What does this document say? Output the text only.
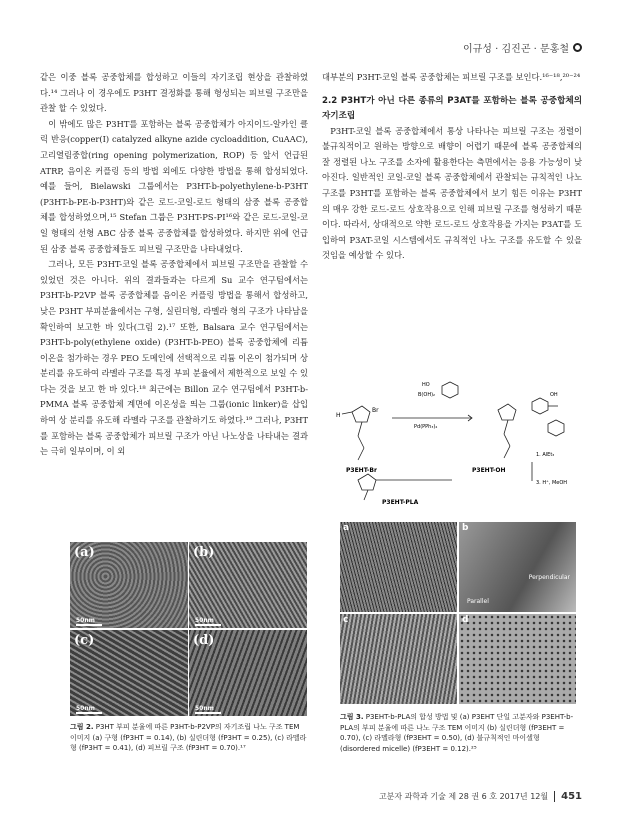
이규성 · 김진곤 · 문홍철

같은 이중 블록 공중합체를 합성하고 이들의 자기조립 현상을 관찰하였다.¹⁴ 그러나 이 경우에도 P3HT 결정화를 통해 형성되는 피브릴 구조만을 관찰 할 수 있었다.

이 밖에도 많은 P3HT를 포함하는 블록 공중합체가 아지이드-알카인 클릭 반응(copper(I) catalyzed alkyne azide cycloaddition, CuAAC), 고리열림중합(ring opening polymerization, ROP) 등 앞서 언급된 ATRP, 음이온 커플링 등의 방법 외에도 다양한 방법을 통해 합성되었다. 예를 들어, Bielawski 그룹에서는 P3HT-b-polyethylene-b-P3HT (P3HT-b-PE-b-P3HT)와 같은 로드-코일-로드 형태의 삼중 블록 공중합체를 합성하였으며,¹⁵ Stefan 그룹은 P3HT-PS-PI¹⁶와 같은 로드-코일-코일 형태의 선형 ABC 삼중 블록 공중합체를 합성하였다. 하지만 위에 언급된 삼중 블록 공중합체들도 피브릴 구조만을 나타내었다.

그러나, 모든 P3HT-코일 블록 공중합체에서 피브릴 구조만을 관찰할 수 있었던 것은 아니다. 위의 결과들과는 다르게 Su 교수 연구팀에서는 P3HT-b-P2VP 블록 공중합체를 음이온 커플링 방법을 통해서 합성하고, 낮은 P3HT 부피분율에서는 구형, 실린더형, 라멜라 형의 구조가 나타남을 확인하여 보고한 바 있다(그림 2).¹⁷ 또한, Balsara 교수 연구팀에서는 P3HT-b-poly(ethylene oxide) (P3HT-b-PEO) 블록 공중합체에 리튬 이온을 첨가하는 경우 PEO 도메인에 선택적으로 리튬 이온이 첨가되며 상분리를 유도하여 라멜라 구조를 특정 부피 분율에서 제한적으로 보일 수 있다는 것을 보고 한 바 있다.¹⁸ 최근에는 Billon 교수 연구팀에서 P3HT-b-PMMA 블록 공중합체 계면에 이온성을 띄는 그룹(ionic linker)을 삽입하여 상 분리를 유도해 라멜라 구조를 관찰하기도 하였다.¹⁹ 그러나, P3HT를 포함하는 블록 공중합체가 피브릴 구조가 아닌 나노상을 나타내는 결과는 극히 일부이며, 이 외

대부분의 P3HT-코일 블록 공중합체는 피브릴 구조를 보인다.¹⁶⁻¹⁸,²⁰⁻²⁴

2.2 P3HT가 아닌 다른 종류의 P3AT를 포함하는 블록 공중합체의 자기조립

P3HT-코일 블록 공중합체에서 통상 나타나는 피브릴 구조는 정렬이 불규칙적이고 원하는 방향으로 배향이 어렵기 때문에 블록 공중합체의 잘 정렬된 나노 구조를 소자에 활용한다는 측면에서는 응용 가능성이 낮아진다. 일반적인 코일-코일 블록 공중합체에서 관찰되는 규칙적인 나노 구조를 P3HT를 포함하는 블록 공중합체에서 보기 힘든 이유는 P3HT의 매우 강한 로드-로드 상호작용으로 인해 피브릴 구조를 형성하기 때문이다. 따라서, 상대적으로 약한 로드-로드 상호작용을 가지는 P3AT를 도입하여 P3AT-코일 시스템에서도 규칙적인 나노 구조를 유도할 수 있을 것임을 예상할 수 있다.

(a)
50nm
(b)
50nm
(c)
50nm
(d)
50nm
그림 2. P3HT 부피 분율에 따른 P3HT-b-P2VP의 자기조립 나노 구조 TEM 이미지 (a) 구형 (fP3HT = 0.14), (b) 실린더형 (fP3HT = 0.25), (c) 라멜라형 (fP3HT = 0.41), (d) 피브릴 구조 (fP3HT = 0.70).¹⁷
H
Br
HO
B(OH)₂
Pd(PPh₃)₄
OH
1. AlEt₃
3. H⁺, MeOH
P3EHT-Br	P3EHT-OH
P3EHT-PLA
a	b
Perpendicular
Parallel
c	d
그림 3. P3EHT-b-PLA의 합성 방법 및 (a) P3EHT 단일 고분자와 P3EHT-b-PLA의 부피 분율에 따른 나노 구조 TEM 이미지 (b) 실린더형 (fP3EHT = 0.70), (c) 라멜라형 (fP3EHT = 0.50), (d) 불규칙적인 마이셀형 (disordered micelle) (fP3EHT = 0.12).²⁵
고분자 과학과 기술 제 28 권 6 호 2017년 12월	451
